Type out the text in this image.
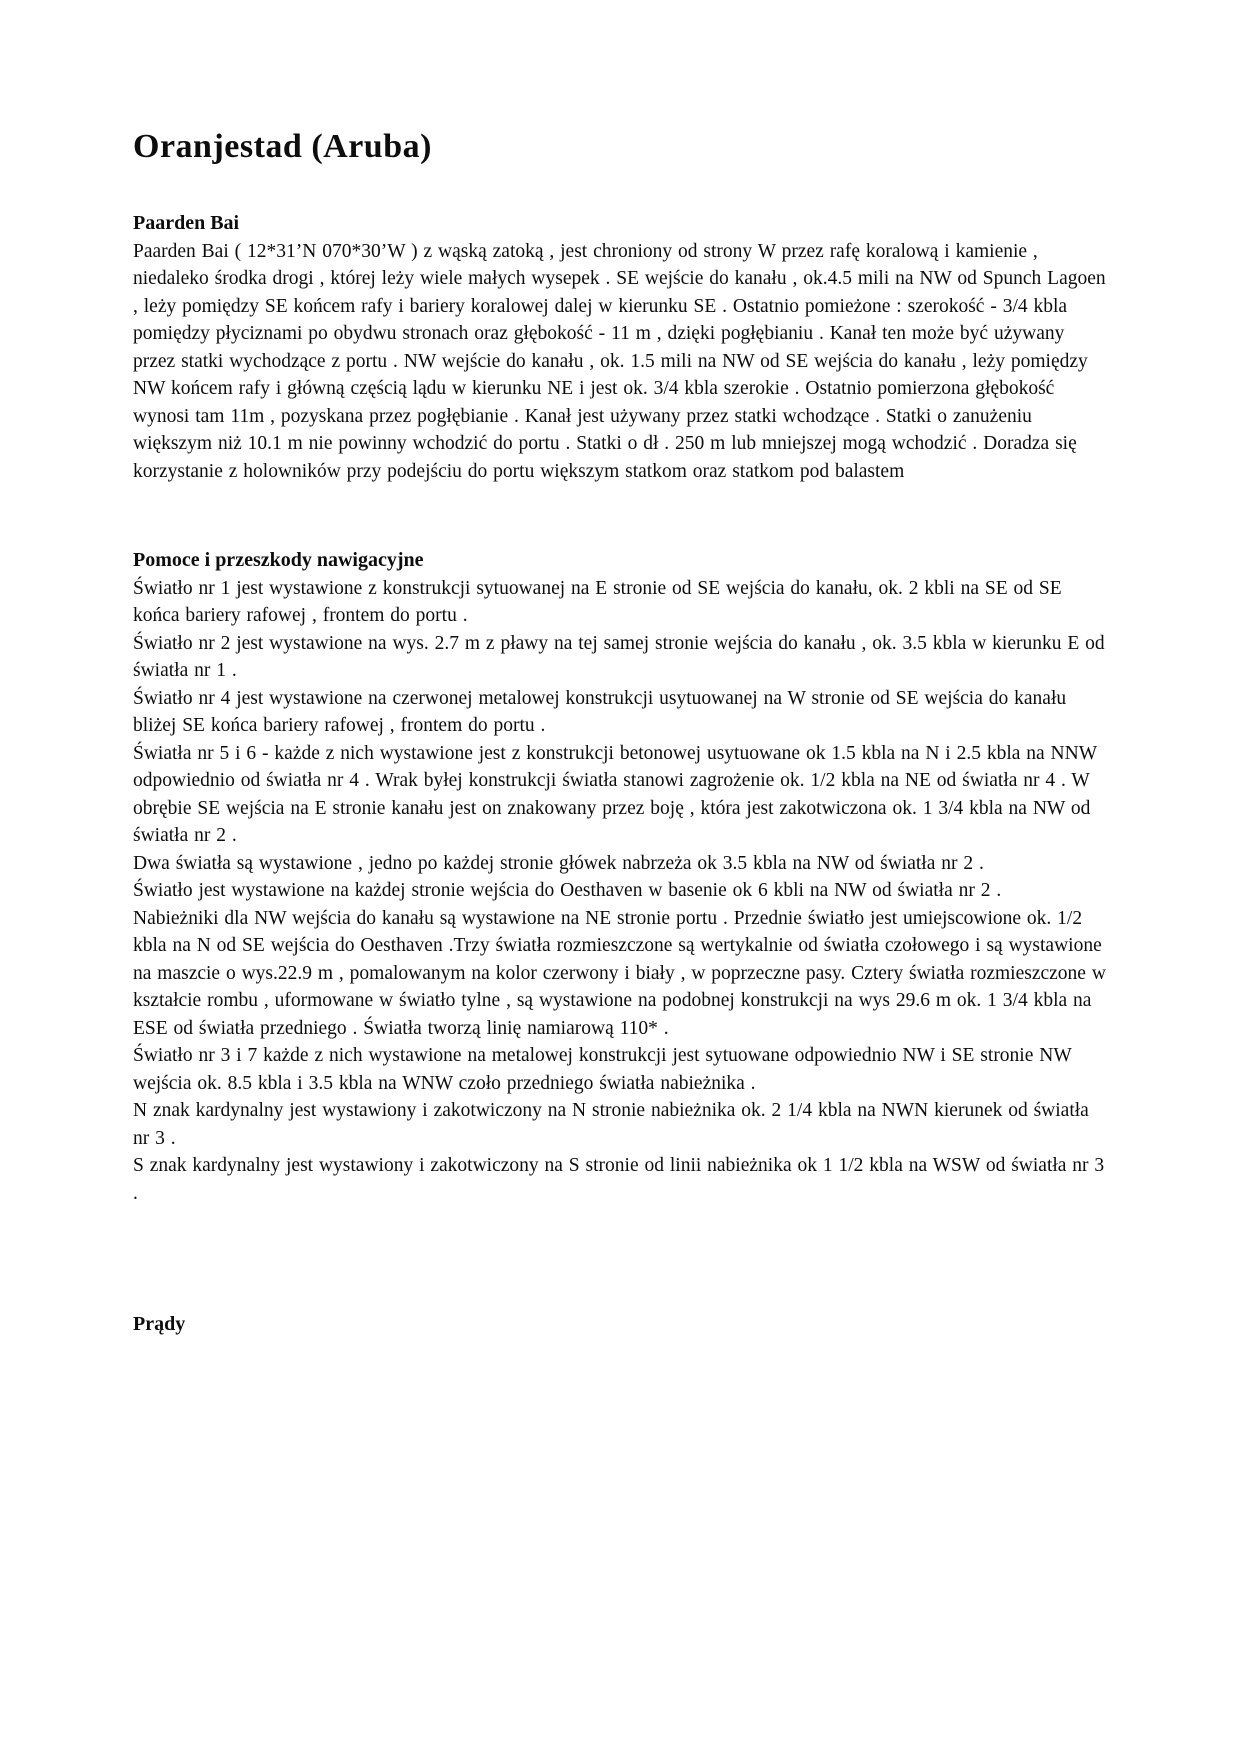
Oranjestad (Aruba)
Paarden Bai

Paarden Bai ( 12*31’N 070*30’W ) z wąską zatoką , jest chroniony od strony W przez rafę koralową i kamienie , niedaleko środka drogi , której leży wiele małych wysepek . SE wejście do kanału , ok.4.5 mili na NW od Spunch Lagoen , leży pomiędzy SE końcem rafy i bariery koralowej dalej w kierunku SE . Ostatnio pomieżone : szerokość - 3/4 kbla pomiędzy płyciznami po obydwu stronach oraz głębokość - 11 m , dzięki pogłębianiu . Kanał ten może być używany przez statki wychodzące z portu . NW wejście do kanału , ok. 1.5 mili na NW od SE wejścia do kanału , leży pomiędzy NW końcem rafy i główną częścią lądu w kierunku NE i jest ok. 3/4 kbla szerokie . Ostatnio pomierzona głębokość wynosi tam 11m , pozyskana przez pogłębianie . Kanał jest używany przez statki wchodzące . Statki o zanużeniu większym niż 10.1 m nie powinny wchodzić do portu . Statki o dł . 250 m lub mniejszej mogą wchodzić . Doradza się korzystanie z holowników przy podejściu do portu większym statkom oraz statkom pod balastem

Pomoce i przeszkody nawigacyjne

Światło nr 1 jest wystawione z konstrukcji sytuowanej na E stronie od SE wejścia do kanału, ok. 2 kbli na SE od SE końca bariery rafowej , frontem do portu .

Światło nr 2 jest wystawione na wys. 2.7 m z pławy na tej samej stronie wejścia do kanału , ok. 3.5 kbla w kierunku E od światła nr 1 .

Światło nr 4 jest wystawione na czerwonej metalowej konstrukcji usytuowanej na W stronie od SE wejścia do kanału bliżej SE końca bariery rafowej , frontem do portu .

Światła nr 5 i 6 - każde z nich wystawione jest z konstrukcji betonowej usytuowane ok 1.5 kbla na N i 2.5 kbla na NNW odpowiednio od światła nr 4 . Wrak byłej konstrukcji światła stanowi zagrożenie ok. 1/2 kbla na NE od światła nr 4 . W obrębie SE wejścia na E stronie kanału jest on znakowany przez boję , która jest zakotwiczona ok. 1 3/4 kbla na NW od światła nr 2 .

Dwa światła są wystawione , jedno po każdej stronie główek nabrzeża ok 3.5 kbla na NW od światła nr 2 .

Światło jest wystawione na każdej stronie wejścia do Oesthaven w basenie ok 6 kbli na NW od światła nr 2 .

Nabieżniki dla NW wejścia do kanału są wystawione na NE stronie portu . Przednie światło jest umiejscowione ok. 1/2 kbla na N od SE wejścia do Oesthaven .Trzy światła rozmieszczone są wertykalnie od światła czołowego i są wystawione na maszcie o wys.22.9 m , pomalowanym na kolor czerwony i biały , w poprzeczne pasy. Cztery światła rozmieszczone w kształcie rombu , uformowane w światło tylne , są wystawione na podobnej konstrukcji na wys 29.6 m ok. 1 3/4 kbla na ESE od światła przedniego . Światła tworzą linię namiarową 110* .

Światło nr 3 i 7 każde z nich wystawione na metalowej konstrukcji jest sytuowane odpowiednio NW i SE stronie NW wejścia ok. 8.5 kbla i 3.5 kbla na WNW czoło przedniego światła nabieżnika .

N znak kardynalny jest wystawiony i zakotwiczony na N stronie nabieżnika ok. 2 1/4 kbla na NWN kierunek od światła nr 3 .

S znak kardynalny jest wystawiony i zakotwiczony na S stronie od linii nabieżnika ok 1 1/2 kbla na WSW od światła nr 3 .

Prądy
